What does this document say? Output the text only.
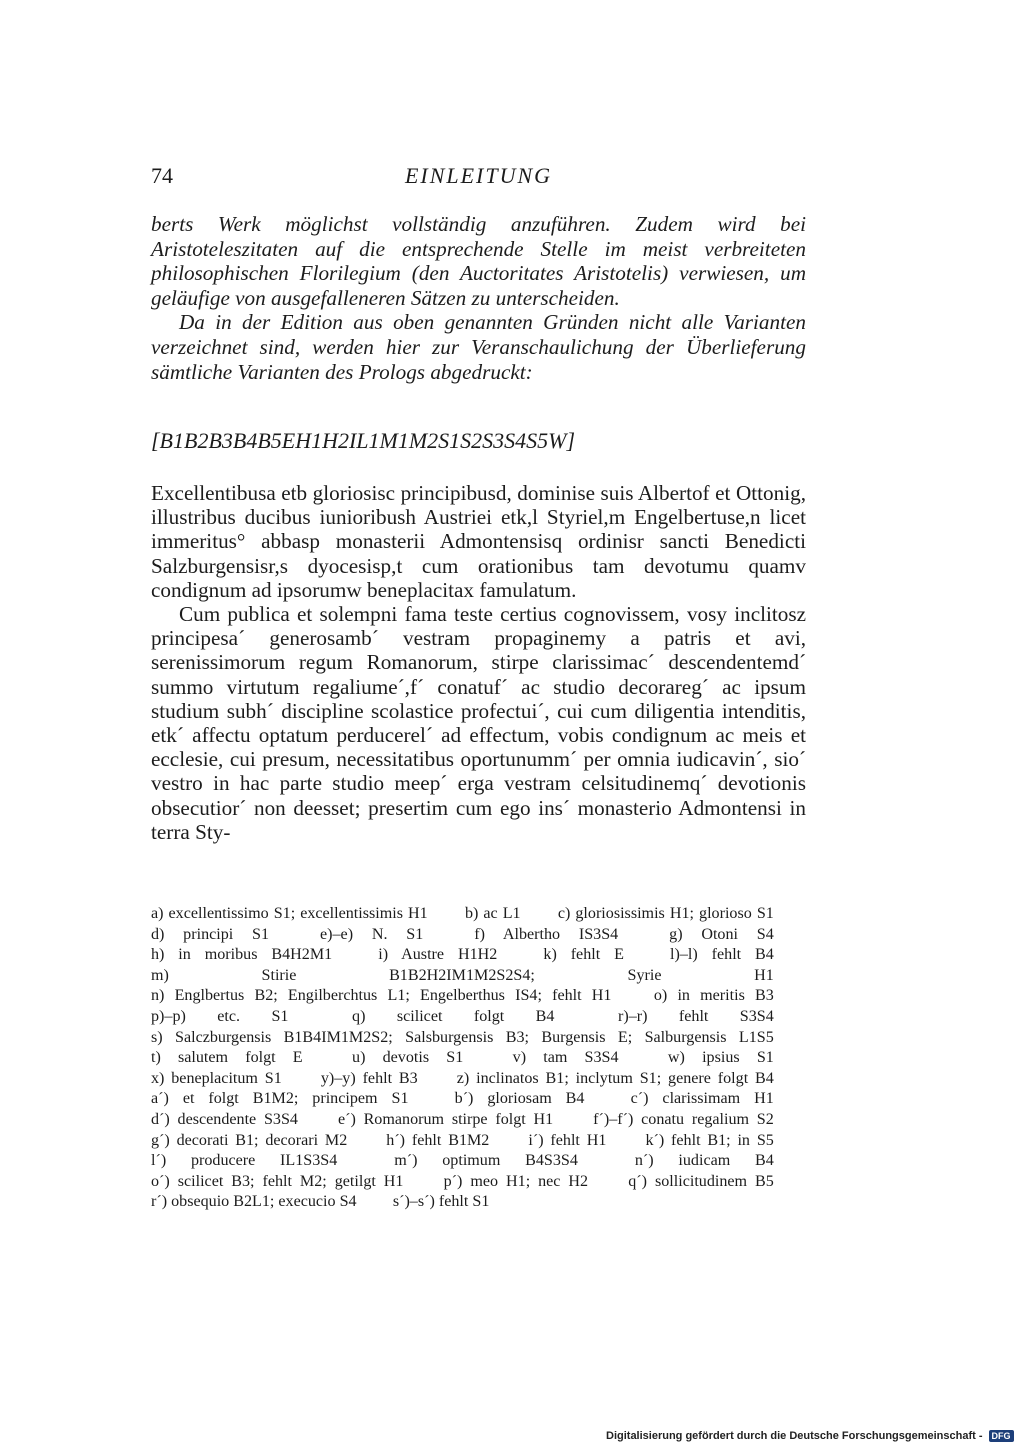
74	EINLEITUNG

berts Werk möglichst vollständig anzuführen. Zudem wird bei Aristoteleszitaten auf die entsprechende Stelle im meist verbreiteten philosophischen Florilegium (den Auctoritates Aristotelis) verwiesen, um geläufige von ausgefalleneren Sätzen zu unterscheiden.

Da in der Edition aus oben genannten Gründen nicht alle Varianten verzeichnet sind, werden hier zur Veranschaulichung der Überlieferung sämtliche Varianten des Prologs abgedruckt:

[B1B2B3B4B5EH1H2IL1M1M2S1S2S3S4S5W]

Excellentibusa etb gloriosisc principibusd, dominise suis Albertof et Ottonig, illustribus ducibus iunioribush Austriei etk,l Styriel,m Engelbertuse,n licet immeritus° abbasp monasterii Admontensisq ordinisr sancti Benedicti Salzburgensisr,s dyocesisp,t cum orationibus tam devotumu quamv condignum ad ipsorumw beneplacitax famulatum.

Cum publica et solempni fama teste certius cognovissem, vosy inclitosz principesa´ generosamb´ vestram propaginemy a patris et avi, serenissimorum regum Romanorum, stirpe clarissimac´ descendentemd´ summo virtutum regaliume´,f´ conatuf´ ac studio decorareg´ ac ipsum studium subh´ discipline scolastice profectui´, cui cum diligentia intenditis, etk´ affectu optatum perducerel´ ad effectum, vobis condignum ac meis et ecclesie, cui presum, necessitatibus oportunumm´ per omnia iudicavin´, sio´ vestro in hac parte studio meep´ erga vestram celsitudinemq´ devotionis obsecutior´ non deesset; presertim cum ego ins´ monasterio Admontensi in terra Sty-

a) excellentissimo S1; excellentissimis H1   b) ac L1   c) gloriosissimis H1; glorioso S1   d) principi S1  	e)–e) N. S1  	f) Albertho IS3S4  	g) Otoni S4   h) in moribus B4H2M1  	i) Austre H1H2  	k) fehlt E  	l)–l) fehlt B4   m) Stirie B1B2H2IM1M2S2S4; Syrie H1   n) Englbertus B2; Engilberchtus L1; Engelberthus IS4; fehlt H1  	o) in meritis B3   p)–p) etc. S1  	q) scilicet folgt B4  	r)–r) fehlt S3S4   s) Salczburgensis B1B4IM1M2S2; Salsburgensis B3; Burgensis E; Salburgensis L1S5   t) salutem folgt E  	u) devotis S1  	v) tam S3S4  	w) ipsius S1   x) beneplacitum S1   y)–y) fehlt B3   z) inclinatos B1; inclytum S1; genere folgt B4   a´) et folgt B1M2; principem S1  	b´) gloriosam B4  	c´) clarissimam H1   d´) descendente S3S4   e´) Romanorum stirpe folgt H1   f´)–f´) conatu regalium S2   g´) decorati B1; decorari M2   h´) fehlt B1M2   i´) fehlt H1   k´) fehlt B1; in S5   l´) producere IL1S3S4  	m´) optimum B4S3S4  	n´) iudicam B4   o´) scilicet B3; fehlt M2; getilgt H1   p´) meo H1; nec H2   q´) sollicitudinem B5   r´) obsequio B2L1; execucio S4   s´)–s´) fehlt S1  
Digitalisierung gefördert durch die Deutsche Forschungsgemeinschaft - DFG
